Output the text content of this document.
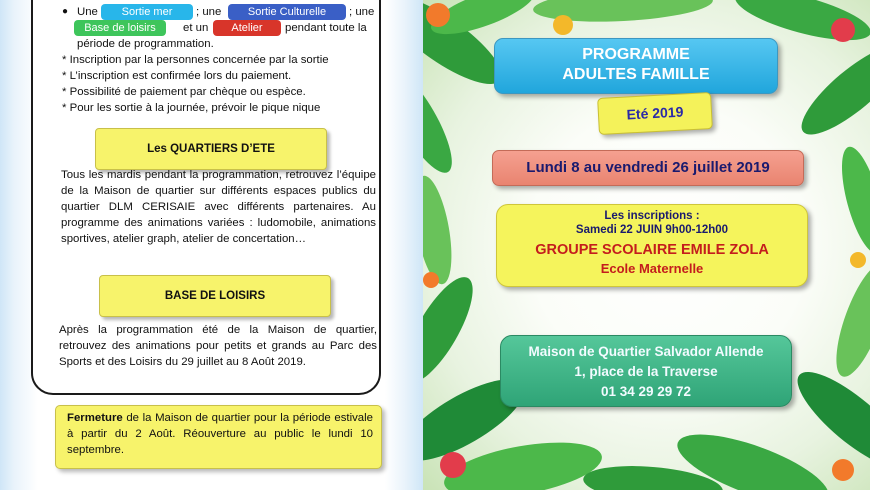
● Une	Sortie mer	; une	Sortie Culturelle	; une
Base de loisirs	et un	Atelier	pendant toute la
période de programmation.
* Inscription par la personnes concernée par la sortie
* L’inscription est confirmée lors du paiement.
* Possibilité de paiement par chèque ou espèce.
* Pour les sortie à la journée, prévoir le pique nique
Les QUARTIERS D’ETE

Tous les mardis pendant la programmation, retrouvez l’équipe de la Maison de quartier sur différents espaces publics du quartier DLM CERISAIE avec différents partenaires. Au programme des animations variées : ludomobile, animations sportives, atelier graph, atelier de concertation…

BASE DE LOISIRS

Après la programmation été de la Maison de quartier, retrouvez des animations pour petits et grands au Parc des Sports et des Loisirs du 29 juillet au 8 Août 2019.

Fermeture de la Maison de quartier pour la période estivale à partir du 2 Août. Réouverture au public le lundi 10 septembre.
PROGRAMME
ADULTES FAMILLE
Eté 2019
Lundi 8 au vendredi 26 juillet 2019
Les inscriptions :
Samedi 22 JUIN 9h00-12h00
GROUPE SCOLAIRE EMILE ZOLA
Ecole Maternelle
Maison de Quartier Salvador Allende
1, place de la Traverse
01 34 29 29 72
